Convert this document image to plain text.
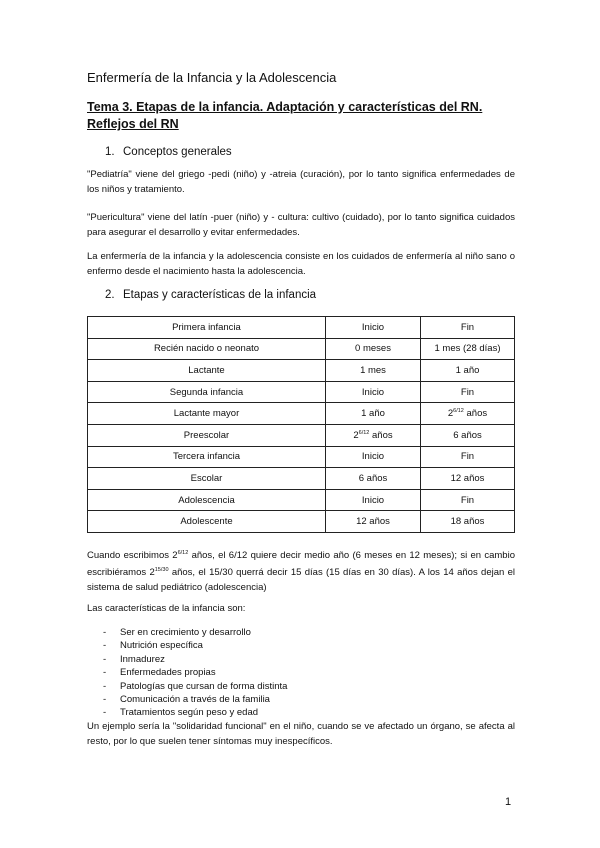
Enfermería de la Infancia y la Adolescencia
Tema 3. Etapas de la infancia. Adaptación y características del RN. Reflejos del RN
1. Conceptos generales
"Pediatría" viene del griego -pedi (niño) y -atreia (curación), por lo tanto significa enfermedades de los niños y tratamiento.
"Puericultura" viene del latín -puer (niño) y - cultura: cultivo (cuidado), por lo tanto significa cuidados para asegurar el desarrollo y evitar enfermedades.
La enfermería de la infancia y la adolescencia consiste en los cuidados de enfermería al niño sano o enfermo desde el nacimiento hasta la adolescencia.
2. Etapas y características de la infancia
Primera infancia	Inicio	Fin
Recién nacido o neonato	0 meses	1 mes (28 días)
Lactante	1 mes	1 año
Segunda infancia	Inicio	Fin
Lactante mayor	1 año	$2^{6/12}$ años
Preescolar	$2^{6/12}$ años	6 años
Tercera infancia	Inicio	Fin
Escolar	6 años	12 años
Adolescencia	Inicio	Fin
Adolescente	12 años	18 años
Cuando escribimos $2^{6/12}$ años, el 6/12 quiere decir medio año (6 meses en 12 meses); si en cambio escribiéramos $2^{15/30}$ años, el 15/30 querrá decir 15 días (15 días en 30 días). A los 14 años dejan el sistema de salud pediátrico (adolescencia)
Las características de la infancia son:
- Ser en crecimiento y desarrollo
- Nutrición específica
- Inmadurez
- Enfermedades propias
- Patologías que cursan de forma distinta
- Comunicación a través de la familia
- Tratamientos según peso y edad
Un ejemplo sería la "solidaridad funcional" en el niño, cuando se ve afectado un órgano, se afecta al resto, por lo que suelen tener síntomas muy inespecíficos.
1
